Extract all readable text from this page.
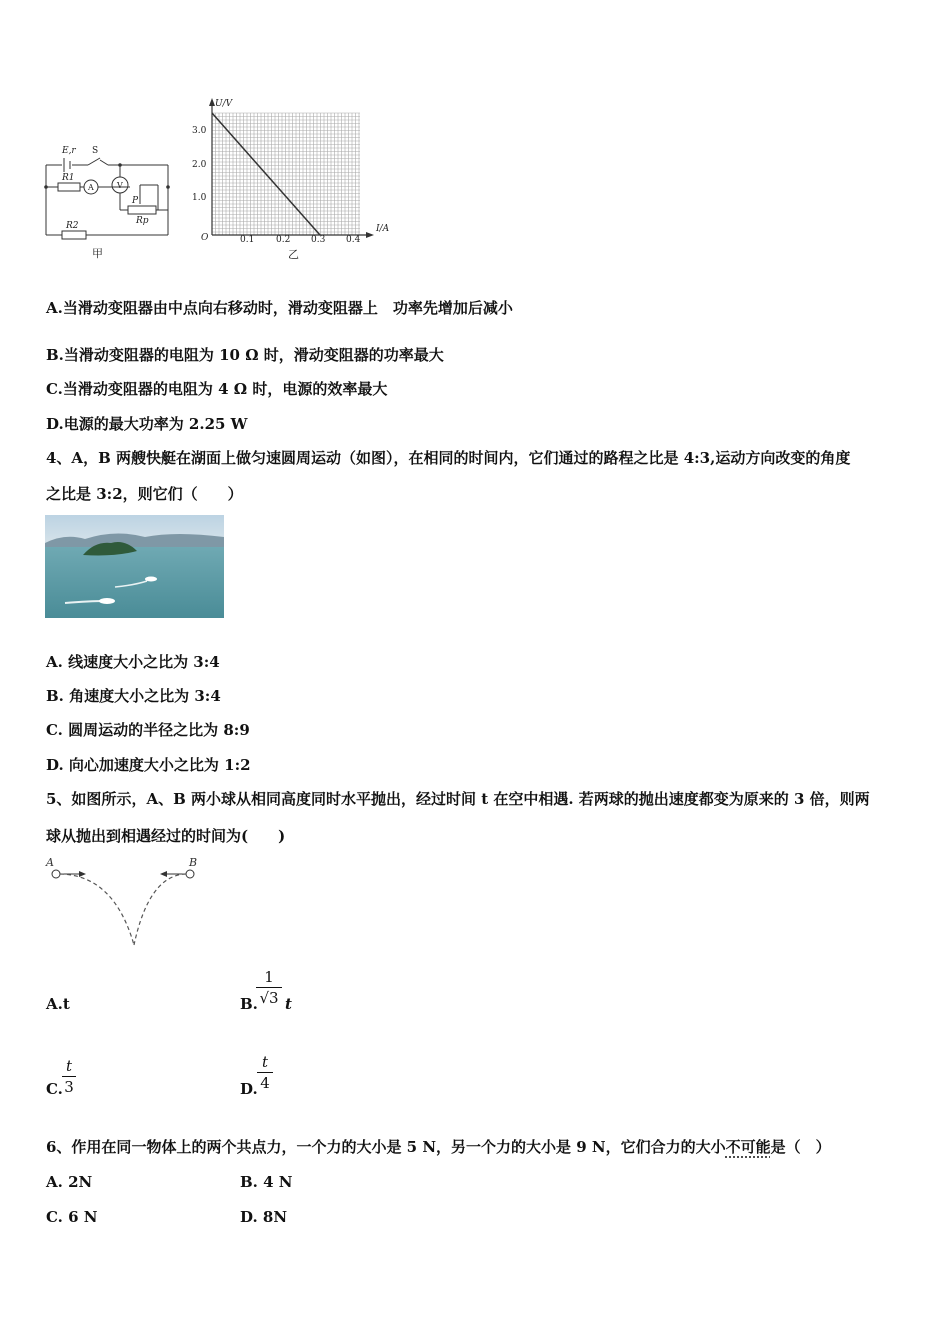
E,r S
R1
A	V
P
Rp
R2
甲
U/V
I/A
O
3.0
2.0
1.0
0.1 0.2 0.3 0.4
乙
A.当滑动变阻器由中点向右移动时，滑动变阻器上　功率先增加后减小
B.当滑动变阻器的电阻为 10 Ω 时，滑动变阻器的功率最大
C.当滑动变阻器的电阻为 4 Ω 时，电源的效率最大
D.电源的最大功率为 2.25 W
4、A，B 两艘快艇在湖面上做匀速圆周运动（如图），在相同的时间内，它们通过的路程之比是 4:3,运动方向改变的角度
之比是 3:2，则它们（　　）
A. 线速度大小之比为 3:4
B. 角速度大小之比为 3:4
C. 圆周运动的半径之比为 8:9
D. 向心加速度大小之比为 1:2
5、如图所示，A、B 两小球从相同高度同时水平抛出，经过时间 t 在空中相遇. 若两球的抛出速度都变为原来的 3 倍，则两
球从抛出到相遇经过的时间为(　　)
A	B
A.t	B.
1
√3 t
C.
t
3	D.
t
4
6、作用在同一物体上的两个共点力，一个力的大小是 5 N，另一个力的大小是 9 N，它们合力的大小不可能是（　）
A. 2N	B. 4 N
C. 6 N	D. 8N
